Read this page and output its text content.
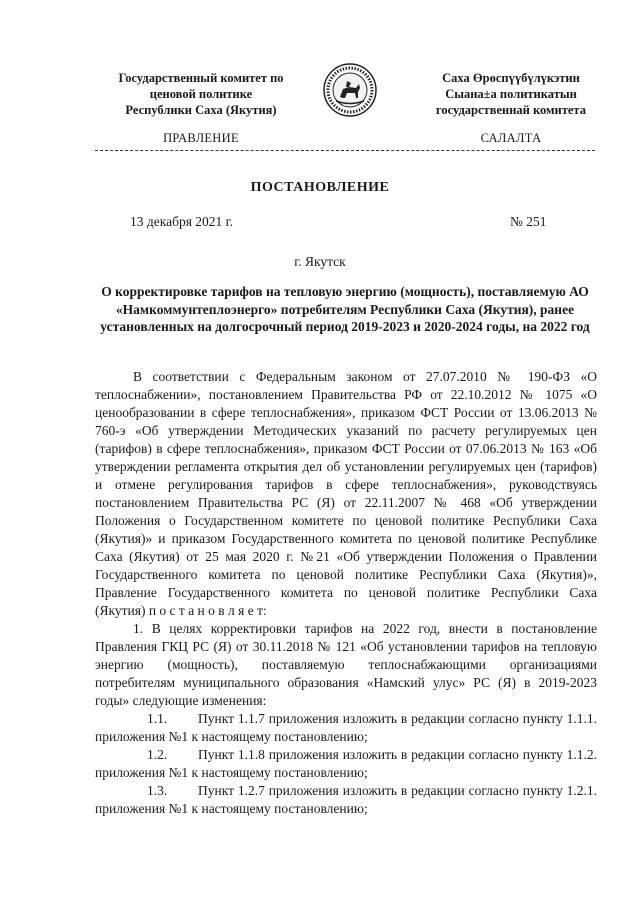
Государственный комитет по
ценовой политике
Республики Саха (Якутия)
Саха Өрөспүүбүлүкэтин
Сыана±а политикатын
государственнай комитета
ПРАВЛЕНИЕ	САЛАЛТА
ПОСТАНОВЛЕНИЕ
13 декабря 2021 г.	№ 251
г. Якутск
О корректировке тарифов на тепловую энергию (мощность), поставляемую АО «Намкоммунтеплоэнерго» потребителям Республики Саха (Якутия), ранее установленных на долгосрочный период 2019-2023 и 2020-2024 годы, на 2022 год

В соответствии с Федеральным законом от 27.07.2010 № 190-ФЗ «О теплоснабжении», постановлением Правительства РФ от 22.10.2012 № 1075 «О ценообразовании в сфере теплоснабжения», приказом ФСТ России от 13.06.2013 № 760-э «Об утверждении Методических указаний по расчету регулируемых цен (тарифов) в сфере теплоснабжения», приказом ФСТ России от 07.06.2013 № 163 «Об утверждении регламента открытия дел об установлении регулируемых цен (тарифов) и отмене регулирования тарифов в сфере теплоснабжения», руководствуясь постановлением Правительства РС (Я) от 22.11.2007 № 468 «Об утверждении Положения о Государственном комитете по ценовой политике Республики Саха (Якутия)» и приказом Государственного комитета по ценовой политике Республике Саха (Якутия) от 25 мая 2020 г. №21 «Об утверждении Положения о Правлении Государственного комитета по ценовой политике Республики Саха (Якутия)», Правление Государственного комитета по ценовой политике Республики Саха (Якутия) п о с т а н о в л я е т:

1. В целях корректировки тарифов на 2022 год, внести в постановление Правления ГКЦ РС (Я) от 30.11.2018 № 121 «Об установлении тарифов на тепловую энергию (мощность), поставляемую теплоснабжающими организациями потребителям муниципального образования «Намский улус» РС (Я) в 2019-2023 годы» следующие изменения:

1.1.        Пункт 1.1.7 приложения изложить в редакции согласно пункту 1.1.1. приложения №1 к настоящему постановлению;

1.2.        Пункт 1.1.8 приложения изложить в редакции согласно пункту 1.1.2. приложения №1 к настоящему постановлению;

1.3.        Пункт 1.2.7 приложения изложить в редакции согласно пункту 1.2.1. приложения №1 к настоящему постановлению;
